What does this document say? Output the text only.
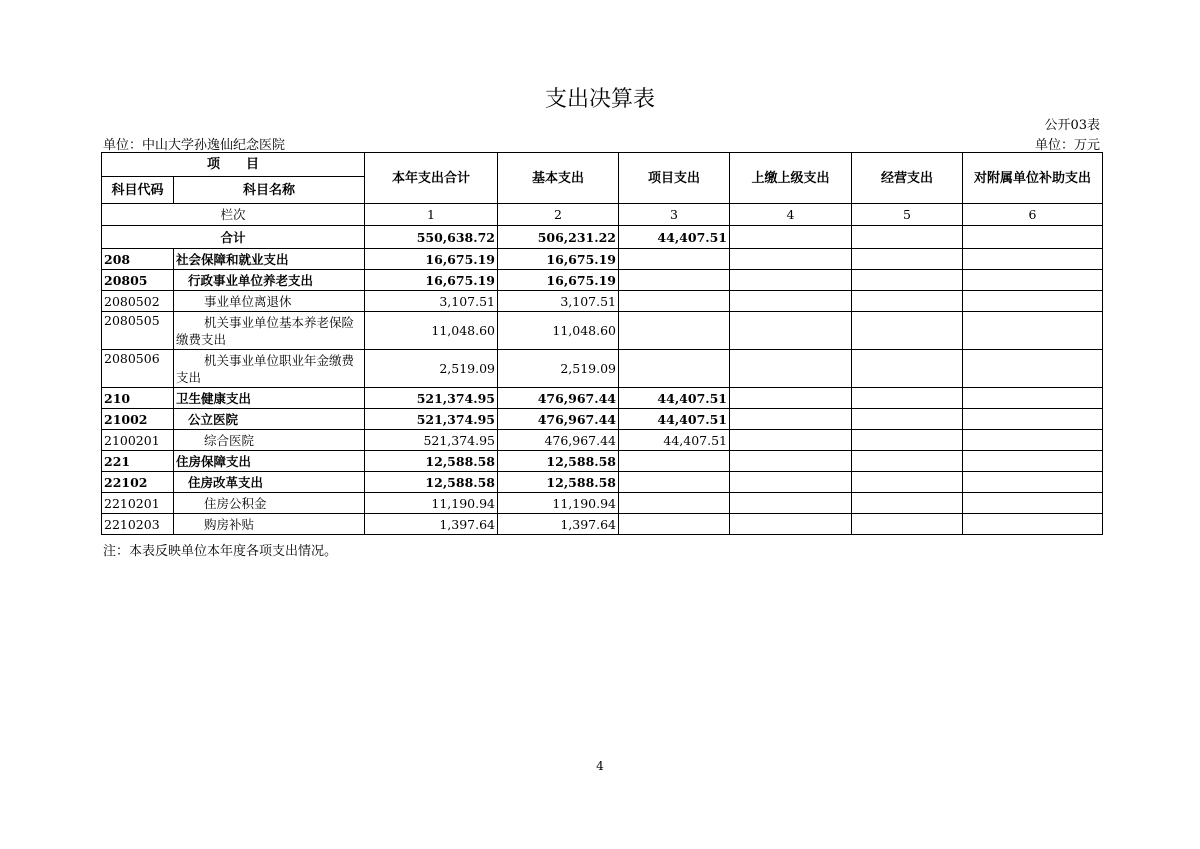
支出决算表
公开03表
单位：中山大学孙逸仙纪念医院	单位：万元
项　　目		本年支出合计	基本支出	项目支出	上缴上级支出	经营支出	对附属单位补助支出
科目代码	科目名称						
栏次		1	2	3	4	5	6
合计		550,638.72	506,231.22	44,407.51			
208	社会保障和就业支出	16,675.19	16,675.19				
20805	行政事业单位养老支出	16,675.19	16,675.19				
2080502	事业单位离退休	3,107.51	3,107.51				
2080505	机关事业单位基本养老保险缴费支出	11,048.60	11,048.60				
2080506	机关事业单位职业年金缴费支出	2,519.09	2,519.09				
210	卫生健康支出	521,374.95	476,967.44	44,407.51			
21002	公立医院	521,374.95	476,967.44	44,407.51			
2100201	综合医院	521,374.95	476,967.44	44,407.51			
221	住房保障支出	12,588.58	12,588.58				
22102	住房改革支出	12,588.58	12,588.58				
2210201	住房公积金	11,190.94	11,190.94				
2210203	购房补贴	1,397.64	1,397.64				
注：本表反映单位本年度各项支出情况。
4
